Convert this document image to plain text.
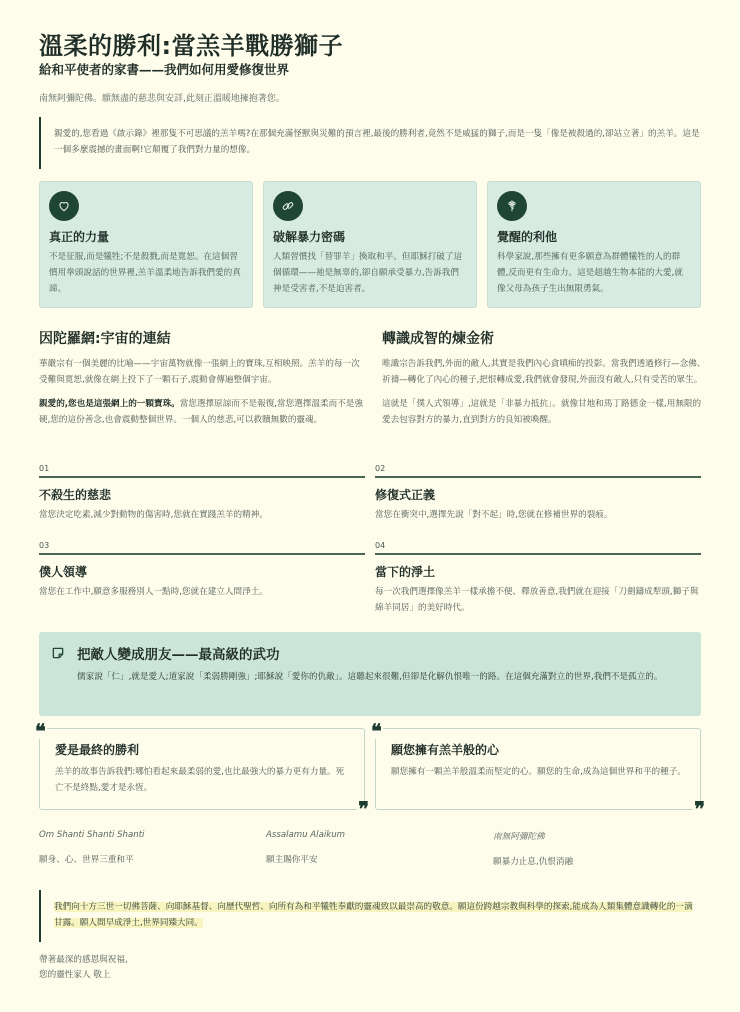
溫柔的勝利:當羔羊戰勝獅子
給和平使者的家書——我們如何用愛修復世界
南無阿彌陀佛。願無盡的慈悲與安詳,此刻正溫暖地擁抱著您。
親愛的,您看過《啟示錄》裡那隻不可思議的羔羊嗎?在那個充滿怪獸與災難的預言裡,最後的勝利者,竟然不是威猛的獅子,而是一隻「像是被殺過的,卻站立著」的羔羊。這是一個多麼震撼的畫面啊!它顛覆了我們對力量的想像。
真正的力量
不是征服,而是犧牲;不是殺戮,而是寬恕。在這個習慣用拳頭說話的世界裡,羔羊溫柔地告訴我們愛的真諦。
破解暴力密碼
人類習慣找「替罪羊」換取和平。但耶穌打破了這個循環——祂是無辜的,卻自願承受暴力,告訴我們神是受害者,不是迫害者。
覺醒的利他
科學家說,那些擁有更多願意為群體犧牲的人的群體,反而更有生命力。這是超越生物本能的大愛,就像父母為孩子生出無限勇氣。
因陀羅網:宇宙的連結

華嚴宗有一個美麗的比喻——宇宙萬物就像一張網上的寶珠,互相映照。羔羊的每一次受難與寬恕,就像在網上投下了一顆石子,震動會傳遍整個宇宙。

親愛的,您也是這張網上的一顆寶珠。當您選擇原諒而不是報復,當您選擇溫柔而不是強硬,您的這份善念,也會震動整個世界。一個人的慈悲,可以救贖無數的靈魂。

轉識成智的煉金術

唯識宗告訴我們,外面的敵人,其實是我們內心貪嗔痴的投影。當我們透過修行—念佛、祈禱—轉化了內心的種子,把恨轉成愛,我們就會發現,外面沒有敵人,只有受苦的眾生。

這就是「僕人式領導」,這就是「非暴力抵抗」。就像甘地和馬丁路德金一樣,用無限的愛去包容對方的暴力,直到對方的良知被喚醒。

01
不殺生的慈悲
當您決定吃素,減少對動物的傷害時,您就在實踐羔羊的精神。
02
修復式正義
當您在衝突中,選擇先說「對不起」時,您就在修補世界的裂痕。
03
僕人領導
當您在工作中,願意多服務別人一點時,您就在建立人間淨土。
04
當下的淨土
每一次我們選擇像羔羊一樣承擔不便、釋放善意,我們就在迎接「刀劍鑄成犁頭,獅子與綿羊同居」的美好時代。
把敵人變成朋友——最高級的武功
儒家說「仁」,就是愛人;道家說「柔弱勝剛強」;耶穌說「愛你的仇敵」。這聽起來很難,但卻是化解仇恨唯一的路。在這個充滿對立的世界,我們不是孤立的。
❝
愛是最終的勝利
羔羊的故事告訴我們:哪怕看起來最柔弱的愛,也比最強大的暴力更有力量。死亡不是終點,愛才是永恆。
❞
❝
願您擁有羔羊般的心
願您擁有一顆羔羊般溫柔而堅定的心。願您的生命,成為這個世界和平的種子。
❞
Om Shanti Shanti Shanti
願身、心、世界三重和平
Assalamu Alaikum
願主賜你平安
南無阿彌陀佛
願暴力止息,仇恨消融
我們向十方三世一切佛菩薩、向耶穌基督、向歷代聖哲、向所有為和平犧牲奉獻的靈魂致以最崇高的敬意。願這份跨越宗教與科學的探索,能成為人類集體意識轉化的一滴甘露。願人間早成淨土,世界同臻大同。
帶著最深的感恩與祝福,
您的靈性家人 敬上
